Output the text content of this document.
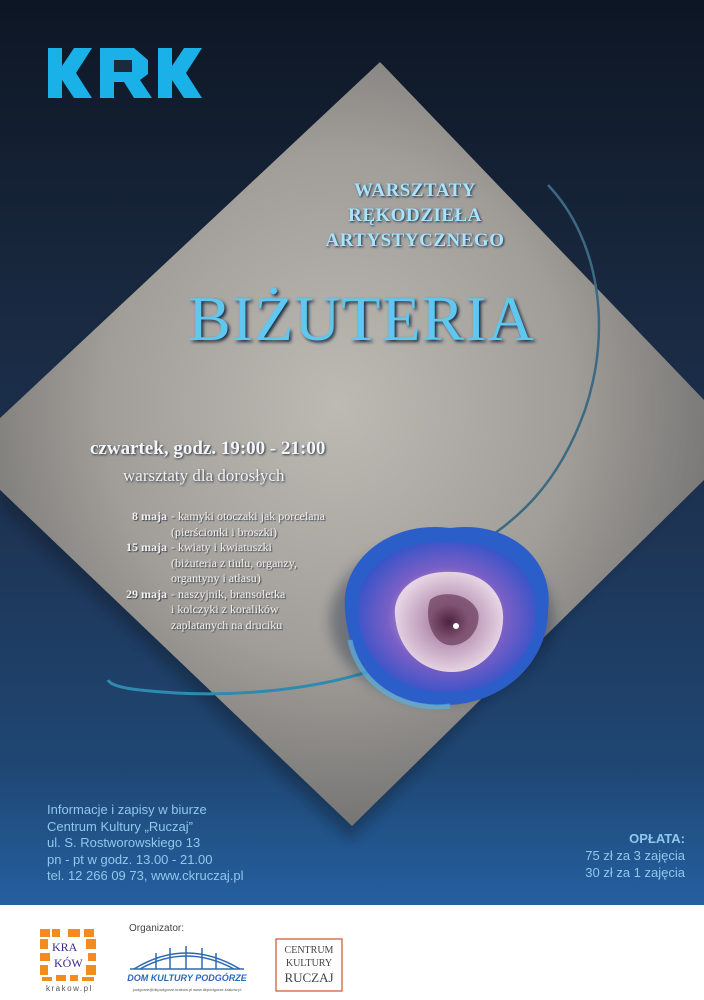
WARSZTATY
RĘKODZIEŁA
ARTYSTYCZNEGO
BIŻUTERIA
czwartek, godz. 19:00 - 21:00
warsztaty dla dorosłych
8 maja - kamyki otoczaki jak porcelana
(pierścionki i broszki)
15 maja - kwiaty i kwiatuszki
(biżuteria z tiulu, organzy,
organtyny i atłasu)
29 maja - naszyjnik, bransoletka
i kolczyki z koralików
zaplatanych na druciku
Informacje i zapisy w biurze
Centrum Kultury „Ruczaj”
ul. S. Rostworowskiego 13
pn - pt w godz. 13.00 - 21.00
tel. 12 266 09 73, www.ckruczaj.pl
OPŁATA:
75 zł za 3 zajęcia
30 zł za 1 zajęcia
KRA
KÓW
krakow.pl
Organizator:
DOM KULTURY PODGÓRZE
podgorze@dkpodgorze.krakow.pl www.dkpodgorze.krakow.pl
CENTRUM
KULTURY
RUCZAJ
